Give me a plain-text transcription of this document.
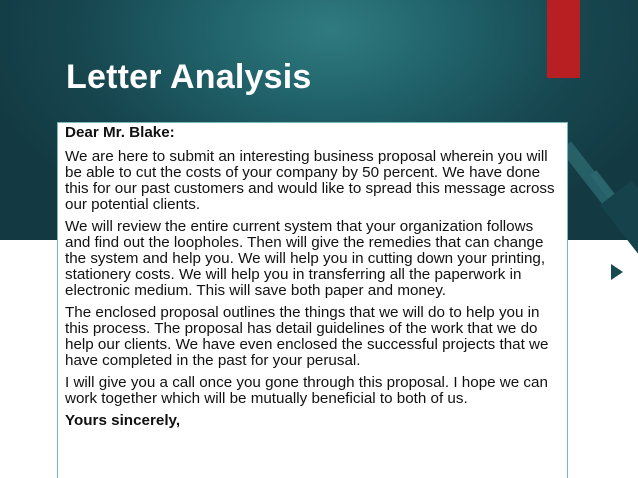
Letter Analysis

Dear Mr. Blake:

We are here to submit an interesting business proposal wherein you will be able to cut the costs of your company by 50 percent. We have done this for our past customers and would like to spread this message across our potential clients.

We will review the entire current system that your organization follows and find out the loopholes. Then will give the remedies that can change the system and help you. We will help you in cutting down your printing, stationery costs. We will help you in transferring all the paperwork in electronic medium. This will save both paper and money.

The enclosed proposal outlines the things that we will do to help you in this process. The proposal has detail guidelines of the work that we do help our clients. We have even enclosed the successful projects that we have completed in the past for your perusal.

I will give you a call once you gone through this proposal. I hope we can work together which will be mutually beneficial to both of us.

Yours sincerely,
